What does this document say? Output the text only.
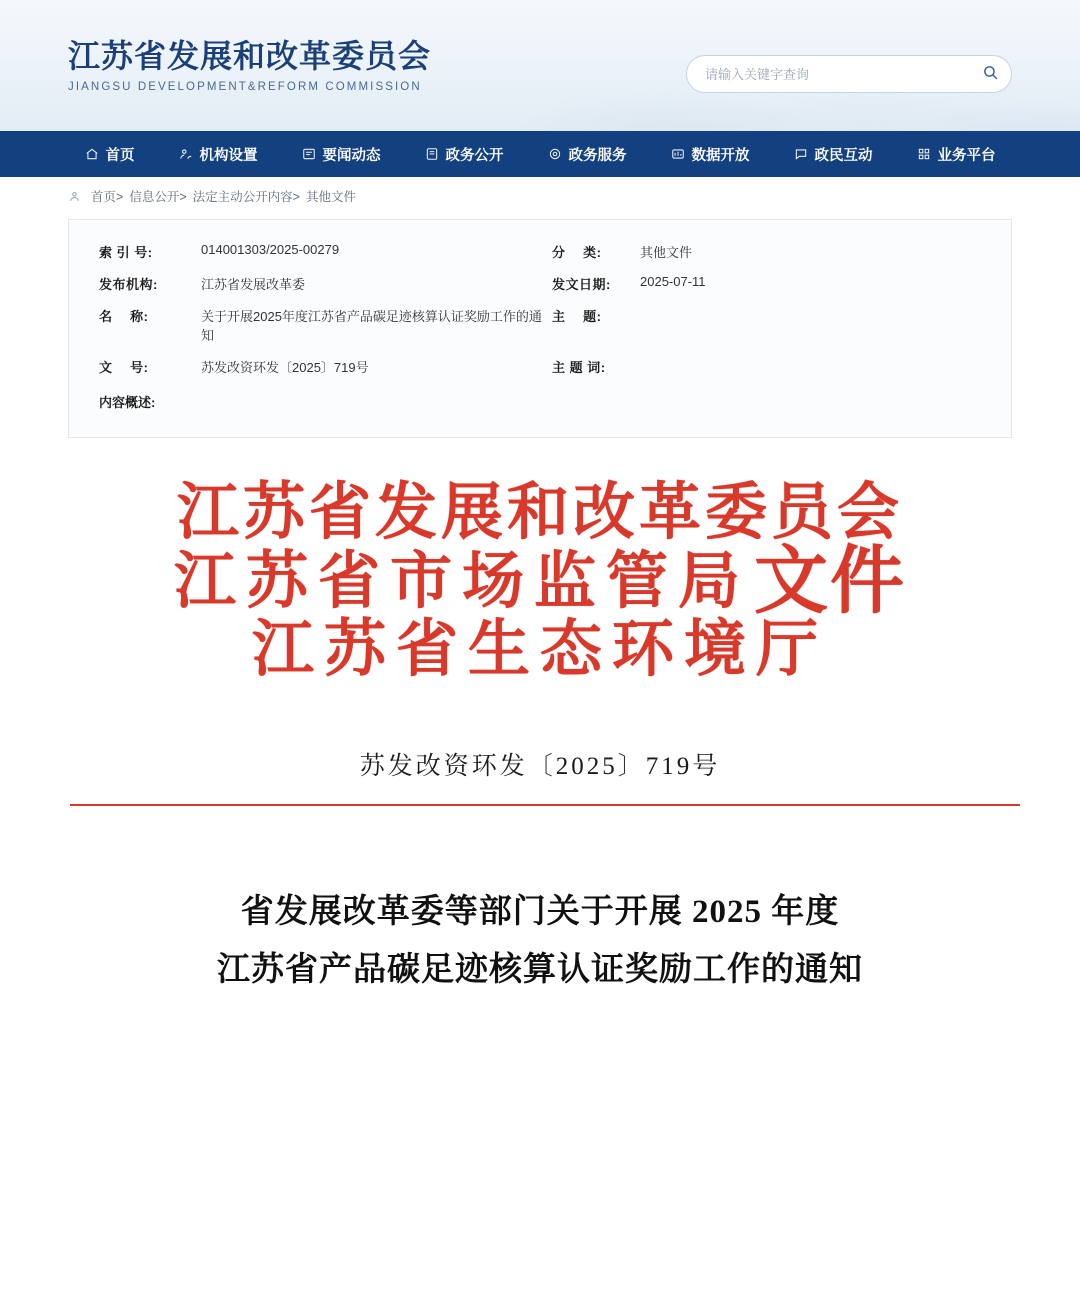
江苏省发展和改革委员会
JIANGSU DEVELOPMENT&REFORM COMMISSION
请输入关键字查询
首页	机构设置	要闻动态	政务公开	政务服务	数据开放	政民互动	业务平台
首页> 信息公开> 法定主动公开内容> 其他文件
索 引 号:	014001303/2025-00279	分　 类:	其他文件
发布机构:	江苏省发展改革委	发文日期:	2025-07-11
名　 称:	关于开展2025年度江苏省产品碳足迹核算认证奖励工作的通知
主　 题:
文　 号:	苏发改资环发〔2025〕719号	主 题 词:
内容概述:
江苏省发展和改革委员会
江苏省市场监管局 文件
江苏省生态环境厅
苏发改资环发〔2025〕719号
省发展改革委等部门关于开展 2025 年度
江苏省产品碳足迹核算认证奖励工作的通知
